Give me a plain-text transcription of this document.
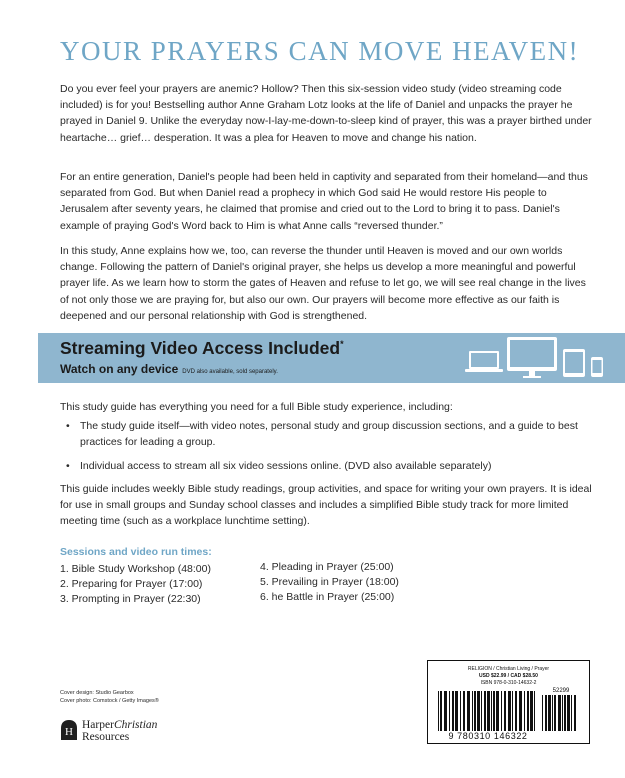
YOUR PRAYERS CAN MOVE HEAVEN!

Do you ever feel your prayers are anemic? Hollow? Then this six-session video study (video streaming code included) is for you! Bestselling author Anne Graham Lotz looks at the life of Daniel and unpacks the prayer he prayed in Daniel 9. Unlike the everyday now-I-lay-me-down-to-sleep kind of prayer, this was a prayer birthed under heartache… grief… desperation. It was a plea for Heaven to move and change his nation.

For an entire generation, Daniel's people had been held in captivity and separated from their homeland—and thus separated from God. But when Daniel read a prophecy in which God said He would restore His people to Jerusalem after seventy years, he claimed that promise and cried out to the Lord to bring it to pass. Daniel's example of praying God's Word back to Him is what Anne calls “reversed thunder.”

In this study, Anne explains how we, too, can reverse the thunder until Heaven is moved and our own worlds change. Following the pattern of Daniel's original prayer, she helps us develop a more meaningful and powerful prayer life. As we learn how to storm the gates of Heaven and refuse to let go, we will see real change in the lives of not only those we are praying for, but also our own. Our prayers will become more effective as our faith is deepened and our personal relationship with God is strengthened.

Streaming Video Access Included*
Watch on any device DVD also available, sold separately.

This study guide has everything you need for a full Bible study experience, including:

• The study guide itself—with video notes, personal study and group discussion sections, and a guide to best practices for leading a group.
• Individual access to stream all six video sessions online. (DVD also available separately)

This guide includes weekly Bible study readings, group activities, and space for writing your own prayers. It is ideal for use in small groups and Sunday school classes and includes a simplified Bible study track for more limited meeting time (such as a workplace lunchtime setting).

Sessions and video run times:
1. Bible Study Workshop (48:00)
2. Preparing for Prayer (17:00)
3. Prompting in Prayer (22:30)
4. Pleading in Prayer (25:00)
5. Prevailing in Prayer (18:00)
6. he Battle in Prayer (25:00)
Cover design: Studio Gearbox
Cover photo: Comstock / Getty Images®
H
HarperChristian
Resources
RELIGION / Christian Living / Prayer
USD $22.99 / CAD $28.50
ISBN 978-0-310-14632-2
52299
9 780310 146322
